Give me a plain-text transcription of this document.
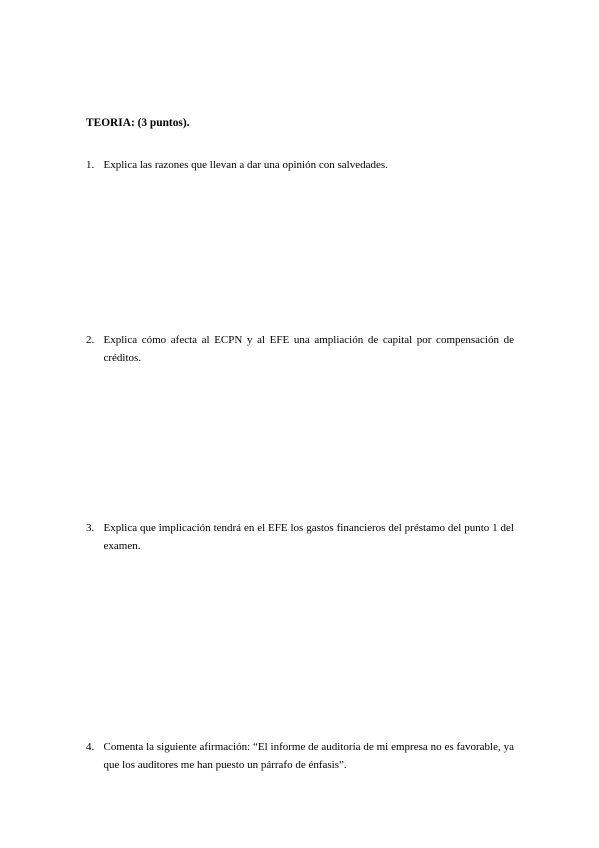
TEORIA: (3 puntos).
1. Explica las razones que llevan a dar una opinión con salvedades.
2. Explica cómo afecta al ECPN y al EFE una ampliación de capital por compensación de créditos.
3. Explica que implicación tendrá en el EFE los gastos financieros del préstamo del punto 1 del examen.
4. Comenta la siguiente afirmación: “El informe de auditoría de mi empresa no es favorable, ya que los auditores me han puesto un párrafo de énfasis”.
